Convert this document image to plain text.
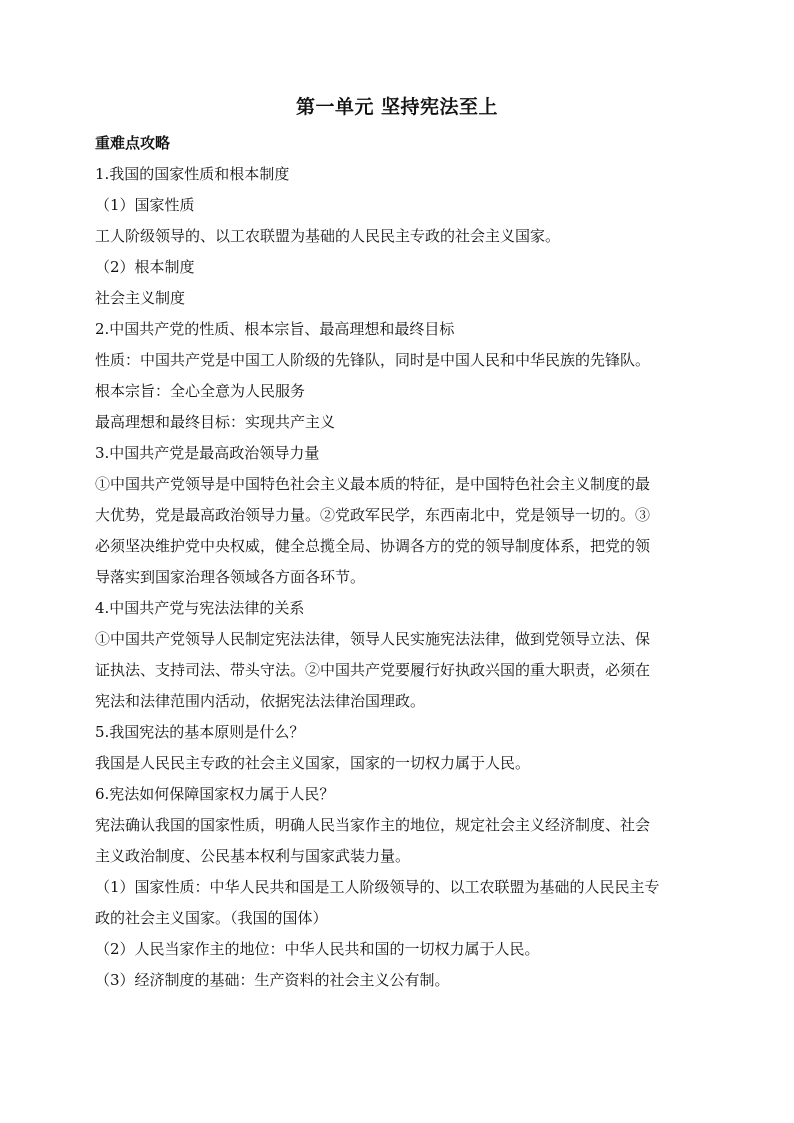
第一单元 坚持宪法至上
重难点攻略
1.我国的国家性质和根本制度
（1）国家性质
工人阶级领导的、以工农联盟为基础的人民民主专政的社会主义国家。
（2）根本制度
社会主义制度
2.中国共产党的性质、根本宗旨、最高理想和最终目标
性质：中国共产党是中国工人阶级的先锋队，同时是中国人民和中华民族的先锋队。
根本宗旨：全心全意为人民服务
最高理想和最终目标：实现共产主义
3.中国共产党是最高政治领导力量
①中国共产党领导是中国特色社会主义最本质的特征，是中国特色社会主义制度的最
大优势，党是最高政治领导力量。②党政军民学，东西南北中，党是领导一切的。③
必须坚决维护党中央权威，健全总揽全局、协调各方的党的领导制度体系，把党的领
导落实到国家治理各领域各方面各环节。
4.中国共产党与宪法法律的关系
①中国共产党领导人民制定宪法法律，领导人民实施宪法法律，做到党领导立法、保
证执法、支持司法、带头守法。②中国共产党要履行好执政兴国的重大职责，必须在
宪法和法律范围内活动，依据宪法法律治国理政。
5.我国宪法的基本原则是什么？
我国是人民民主专政的社会主义国家，国家的一切权力属于人民。
6.宪法如何保障国家权力属于人民？
宪法确认我国的国家性质，明确人民当家作主的地位，规定社会主义经济制度、社会
主义政治制度、公民基本权利与国家武装力量。
（1）国家性质：中华人民共和国是工人阶级领导的、以工农联盟为基础的人民民主专
政的社会主义国家。（我国的国体）
（2）人民当家作主的地位：中华人民共和国的一切权力属于人民。
（3）经济制度的基础：生产资料的社会主义公有制。
